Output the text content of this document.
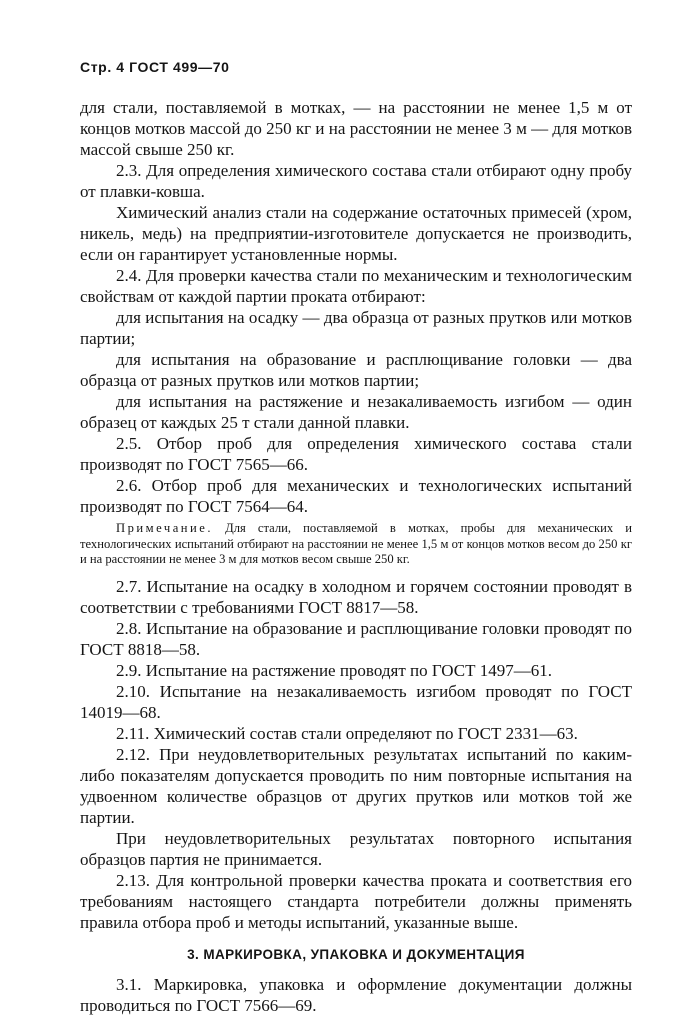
Стр. 4 ГОСТ 499—70

для стали, поставляемой в мотках, — на расстоянии не менее 1,5 м от концов мотков массой до 250 кг и на расстоянии не менее 3 м — для мотков массой свыше 250 кг.

2.3. Для определения химического состава стали отбирают одну пробу от плавки-ковша.

Химический анализ стали на содержание остаточных примесей (хром, никель, медь) на предприятии-изготовителе допускается не производить, если он гарантирует установленные нормы.

2.4. Для проверки качества стали по механическим и технологическим свойствам от каждой партии проката отбирают:

для испытания на осадку — два образца от разных прутков или мотков партии;

для испытания на образование и расплющивание головки — два образца от разных прутков или мотков партии;

для испытания на растяжение и незакаливаемость изгибом — один образец от каждых 25 т стали данной плавки.

2.5. Отбор проб для определения химического состава стали производят по ГОСТ 7565—66.

2.6. Отбор проб для механических и технологических испытаний производят по ГОСТ 7564—64.

Примечание. Для стали, поставляемой в мотках, пробы для механических и технологических испытаний отбирают на расстоянии не менее 1,5 м от концов мотков весом до 250 кг и на расстоянии не менее 3 м для мотков весом свыше 250 кг.

2.7. Испытание на осадку в холодном и горячем состоянии проводят в соответствии с требованиями ГОСТ 8817—58.

2.8. Испытание на образование и расплющивание головки проводят по ГОСТ 8818—58.

2.9. Испытание на растяжение проводят по ГОСТ 1497—61.

2.10. Испытание на незакаливаемость изгибом проводят по ГОСТ 14019—68.

2.11. Химический состав стали определяют по ГОСТ 2331—63.

2.12. При неудовлетворительных результатах испытаний по каким-либо показателям допускается проводить по ним повторные испытания на удвоенном количестве образцов от других прутков или мотков той же партии.

При неудовлетворительных результатах повторного испытания образцов партия не принимается.

2.13. Для контрольной проверки качества проката и соответствия его требованиям настоящего стандарта потребители должны применять правила отбора проб и методы испытаний, указанные выше.

3. МАРКИРОВКА, УПАКОВКА И ДОКУМЕНТАЦИЯ

3.1. Маркировка, упаковка и оформление документации должны проводиться по ГОСТ 7566—69.
